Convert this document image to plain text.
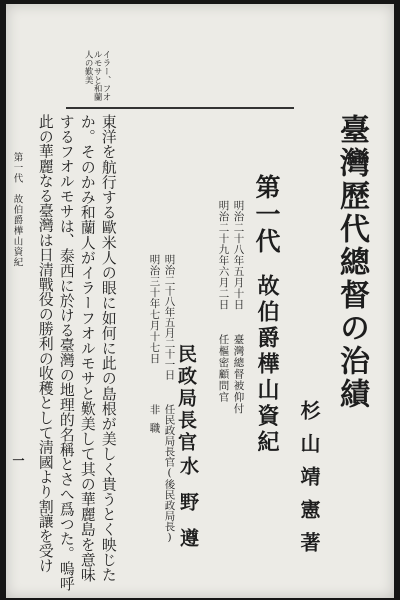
臺灣歷代總督の治績
杉山靖憲著
第一代
故伯爵樺山資紀
明治二十八年五月十日
明治二十九年六月二日
臺灣總督被仰付
任樞密顧問官
明治二十八年五月二十一日
明治三十年七月十七日
任民政局長官(後民政局長)
非職 民政局長官
水野遵
イラー、フオルモサと和蘭人の歎美
東洋を航行する歐米人の眼に如何に此の島根が美しく貴うとく映じた
か。そのかみ和蘭人がイラーフオルモサと歎美して其の華麗島を意味
するフオルモサは、泰西に於ける臺灣の地理的名稱とさへ爲つた。嗚呼
此の華麗なる臺灣は日清戰役の勝利の收穫として淸國より割讓を受け
第一代　故伯爵樺山資紀
一
